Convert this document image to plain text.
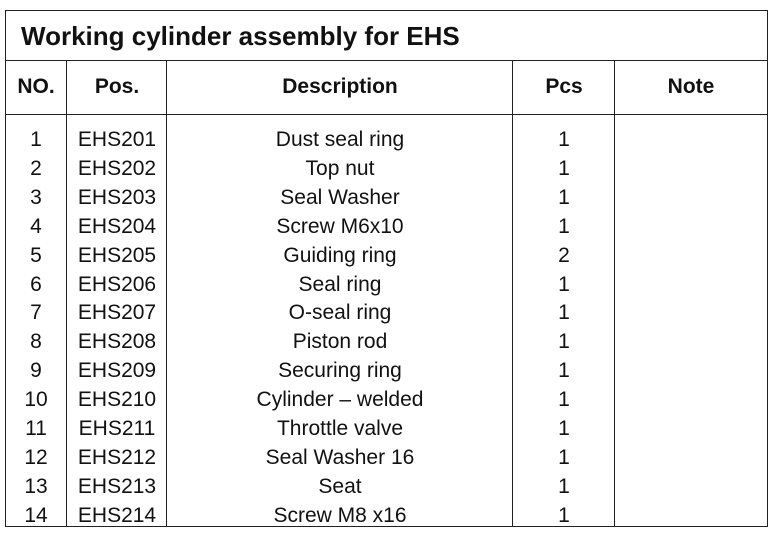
Working cylinder assembly for EHS
NO.	Pos.	Description	Pcs	Note
1	EHS201	Dust seal ring	1
2	EHS202	Top nut	1
3	EHS203	Seal Washer	1
4	EHS204	Screw M6x10	1
5	EHS205	Guiding ring	2
6	EHS206	Seal ring	1
7	EHS207	O-seal ring	1
8	EHS208	Piston rod	1
9	EHS209	Securing ring	1
10	EHS210	Cylinder – welded	1
11	EHS211	Throttle valve	1
12	EHS212	Seal Washer 16	1
13	EHS213	Seat	1
14	EHS214	Screw M8 x16	1
